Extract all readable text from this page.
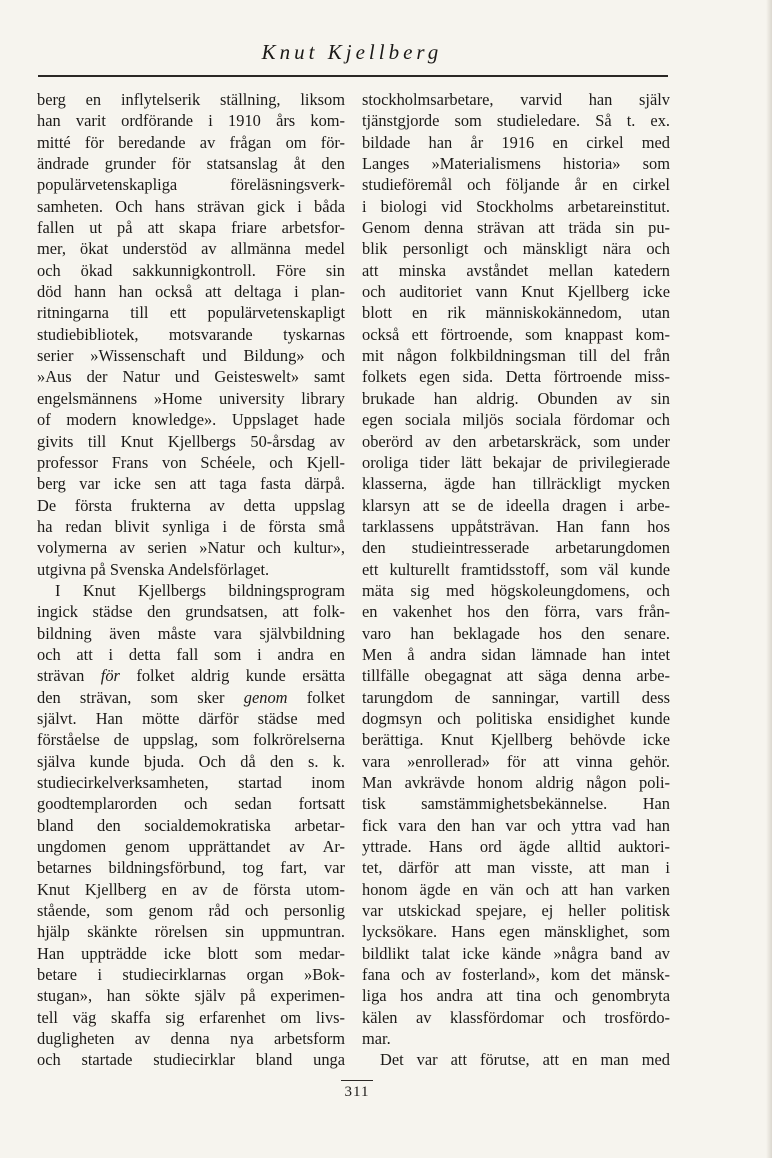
Knut Kjellberg
berg en inflytelserik ställning, liksom
han varit ordförande i 1910 års kom-
mitté för beredande av frågan om för-
ändrade grunder för statsanslag åt den
populärvetenskapliga föreläsningsverk-
samheten. Och hans strävan gick i båda
fallen ut på att skapa friare arbetsfor-
mer, ökat understöd av allmänna medel
och ökad sakkunnigkontroll. Före sin
död hann han också att deltaga i plan-
ritningarna till ett populärvetenskapligt
studiebibliotek, motsvarande tyskarnas
serier »Wissenschaft und Bildung» och
»Aus der Natur und Geisteswelt» samt
engelsmännens »Home university library
of modern knowledge». Uppslaget hade
givits till Knut Kjellbergs 50-årsdag av
professor Frans von Schéele, och Kjell-
berg var icke sen att taga fasta därpå.
De första frukterna av detta uppslag
ha redan blivit synliga i de första små
volymerna av serien »Natur och kultur»,
utgivna på Svenska Andelsförlaget.
I Knut Kjellbergs bildningsprogram
ingick städse den grundsatsen, att folk-
bildning även måste vara självbildning
och att i detta fall som i andra en
strävan för folket aldrig kunde ersätta
den strävan, som sker genom folket
självt. Han mötte därför städse med
förståelse de uppslag, som folkrörelserna
själva kunde bjuda. Och då den s. k.
studiecirkelverksamheten, startad inom
goodtemplarorden och sedan fortsatt
bland den socialdemokratiska arbetar-
ungdomen genom upprättandet av Ar-
betarnes bildningsförbund, tog fart, var
Knut Kjellberg en av de första utom-
stående, som genom råd och personlig
hjälp skänkte rörelsen sin uppmuntran.
Han uppträdde icke blott som medar-
betare i studiecirklarnas organ »Bok-
stugan», han sökte själv på experimen-
tell väg skaffa sig erfarenhet om livs-
dugligheten av denna nya arbetsform
och startade studiecirklar bland unga
stockholmsarbetare, varvid han själv
tjänstgjorde som studieledare. Så t. ex.
bildade han år 1916 en cirkel med
Langes »Materialismens historia» som
studieföremål och följande år en cirkel
i biologi vid Stockholms arbetareinstitut.
Genom denna strävan att träda sin pu-
blik personligt och mänskligt nära och
att minska avståndet mellan katedern
och auditoriet vann Knut Kjellberg icke
blott en rik människokännedom, utan
också ett förtroende, som knappast kom-
mit någon folkbildningsman till del från
folkets egen sida. Detta förtroende miss-
brukade han aldrig. Obunden av sin
egen sociala miljös sociala fördomar och
oberörd av den arbetarskräck, som under
oroliga tider lätt bekajar de privilegierade
klasserna, ägde han tillräckligt mycken
klarsyn att se de ideella dragen i arbe-
tarklassens uppåtsträvan. Han fann hos
den studieintresserade arbetarungdomen
ett kulturellt framtidsstoff, som väl kunde
mäta sig med högskoleungdomens, och
en vakenhet hos den förra, vars från-
varo han beklagade hos den senare.
Men å andra sidan lämnade han intet
tillfälle obegagnat att säga denna arbe-
tarungdom de sanningar, vartill dess
dogmsyn och politiska ensidighet kunde
berättiga. Knut Kjellberg behövde icke
vara »enrollerad» för att vinna gehör.
Man avkrävde honom aldrig någon poli-
tisk samstämmighetsbekännelse. Han
fick vara den han var och yttra vad han
yttrade. Hans ord ägde alltid auktori-
tet, därför att man visste, att man i
honom ägde en vän och att han varken
var utskickad spejare, ej heller politisk
lycksökare. Hans egen mänsklighet, som
bildlikt talat icke kände »några band av
fana och av fosterland», kom det mänsk-
liga hos andra att tina och genombryta
kälen av klassfördomar och trosfördo-
mar.
Det var att förutse, att en man med
311
